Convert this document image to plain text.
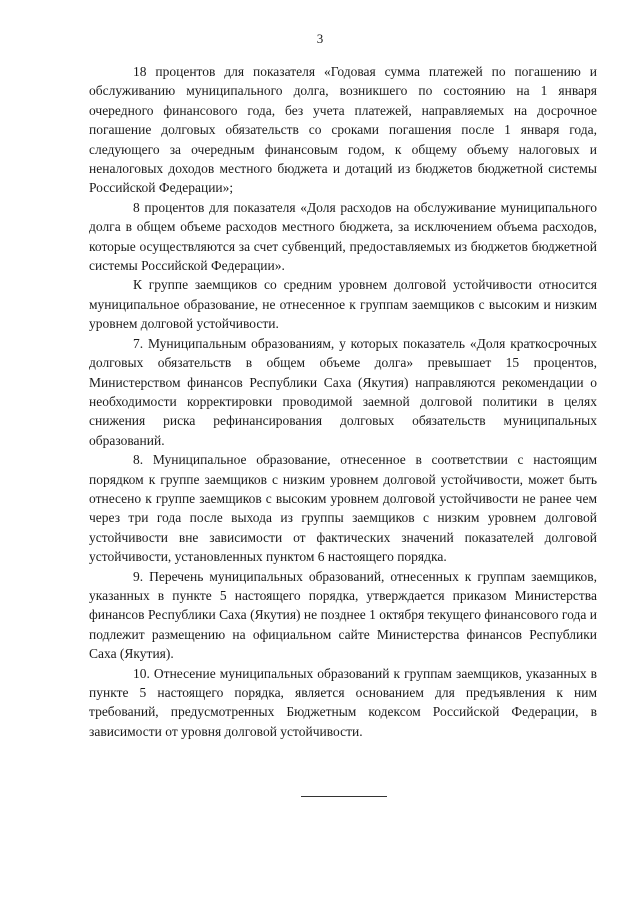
3

18 процентов для показателя «Годовая сумма платежей по погашению и обслуживанию муниципального долга, возникшего по состоянию на 1 января очередного финансового года, без учета платежей, направляемых на досрочное погашение долговых обязательств со сроками погашения после 1 января года, следующего за очередным финансовым годом, к общему объему налоговых и неналоговых доходов местного бюджета и дотаций из бюджетов бюджетной системы Российской Федерации»;

8 процентов для показателя «Доля расходов на обслуживание муниципального долга в общем объеме расходов местного бюджета, за исключением объема расходов, которые осуществляются за счет субвенций, предоставляемых из бюджетов бюджетной системы Российской Федерации».

К группе заемщиков со средним уровнем долговой устойчивости относится муниципальное образование, не отнесенное к группам заемщиков с высоким и низким уровнем долговой устойчивости.

7. Муниципальным образованиям, у которых показатель «Доля краткосрочных долговых обязательств в общем объеме долга» превышает 15 процентов, Министерством финансов Республики Саха (Якутия) направляются рекомендации о необходимости корректировки проводимой заемной долговой политики в целях снижения риска рефинансирования долговых обязательств муниципальных образований.

8. Муниципальное образование, отнесенное в соответствии с настоящим порядком к группе заемщиков с низким уровнем долговой устойчивости, может быть отнесено к группе заемщиков с высоким уровнем долговой устойчивости не ранее чем через три года после выхода из группы заемщиков с низким уровнем долговой устойчивости вне зависимости от фактических значений показателей долговой устойчивости, установленных пунктом 6 настоящего порядка.

9. Перечень муниципальных образований, отнесенных к группам заемщиков, указанных в пункте 5 настоящего порядка, утверждается приказом Министерства финансов Республики Саха (Якутия) не позднее 1 октября текущего финансового года и подлежит размещению на официальном сайте Министерства финансов Республики Саха (Якутия).

10. Отнесение муниципальных образований к группам заемщиков, указанных в пункте 5 настоящего порядка, является основанием для предъявления к ним требований, предусмотренных Бюджетным кодексом Российской Федерации, в зависимости от уровня долговой устойчивости.
